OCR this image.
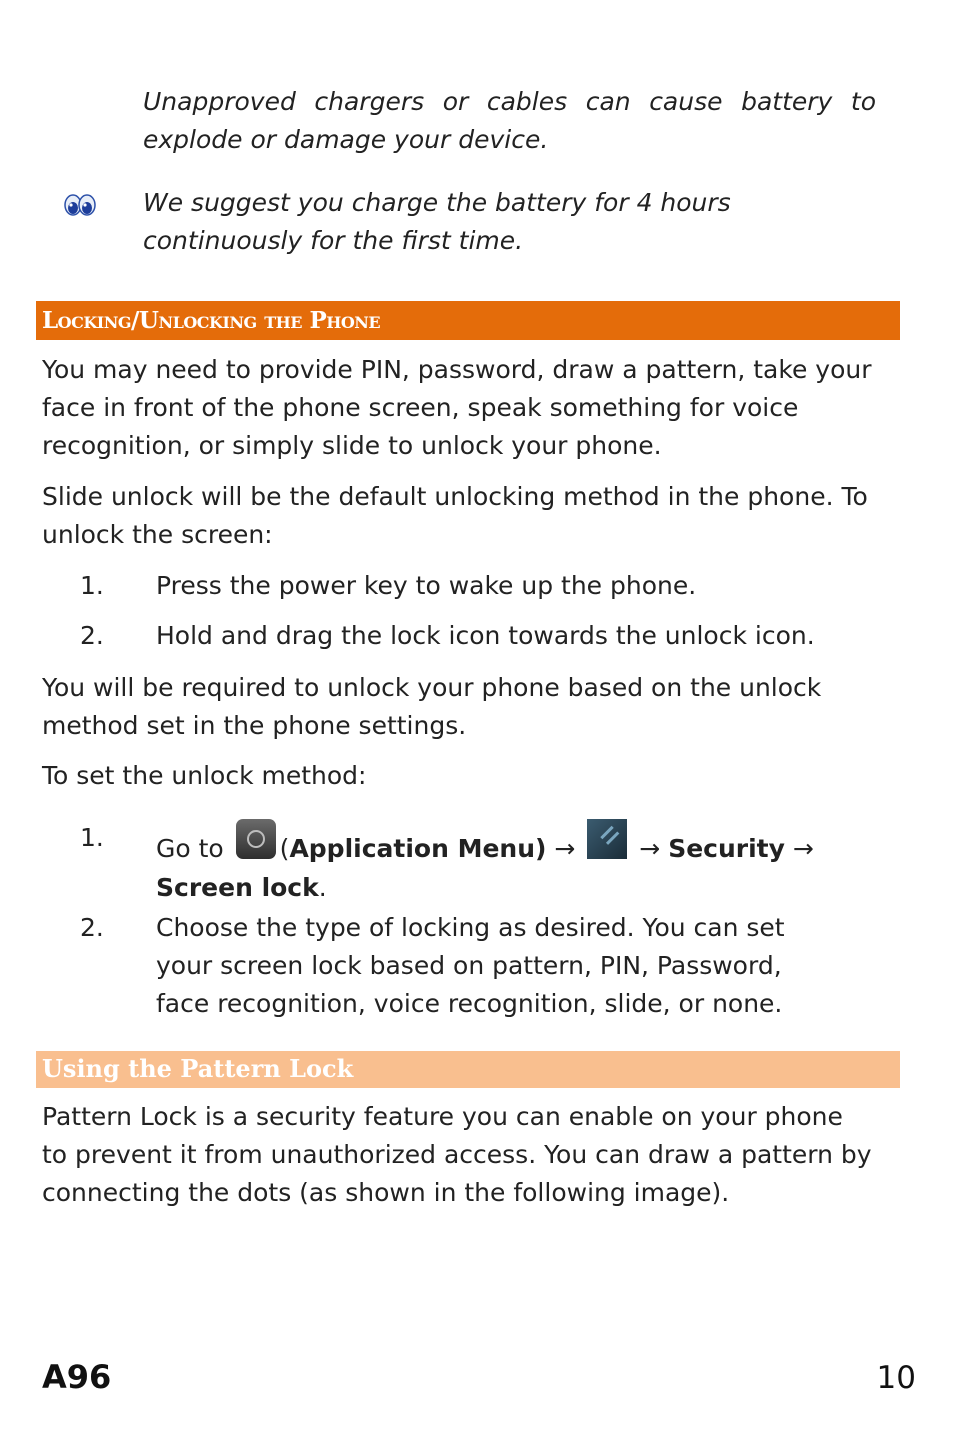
Unapproved chargers or cables can cause battery to explode or damage your device.
We suggest you charge the battery for 4 hours continuously for the first time.
Locking/Unlocking the Phone
You may need to provide PIN, password, draw a pattern, take your face in front of the phone screen, speak something for voice recognition, or simply slide to unlock your phone.
Slide unlock will be the default unlocking method in the phone. To unlock the screen:
1.	Press the power key to wake up the phone.
2.	Hold and drag the lock icon towards the unlock icon.
You will be required to unlock your phone based on the unlock method set in the phone settings.
To set the unlock method:
1.	Go to (Application Menu) →	→ Security → Screen lock.
2.	Choose the type of locking as desired. You can set your screen lock based on pattern, PIN, Password, face recognition, voice recognition, slide, or none.
Using the Pattern Lock
Pattern Lock is a security feature you can enable on your phone to prevent it from unauthorized access. You can draw a pattern by connecting the dots (as shown in the following image).
A96	10
